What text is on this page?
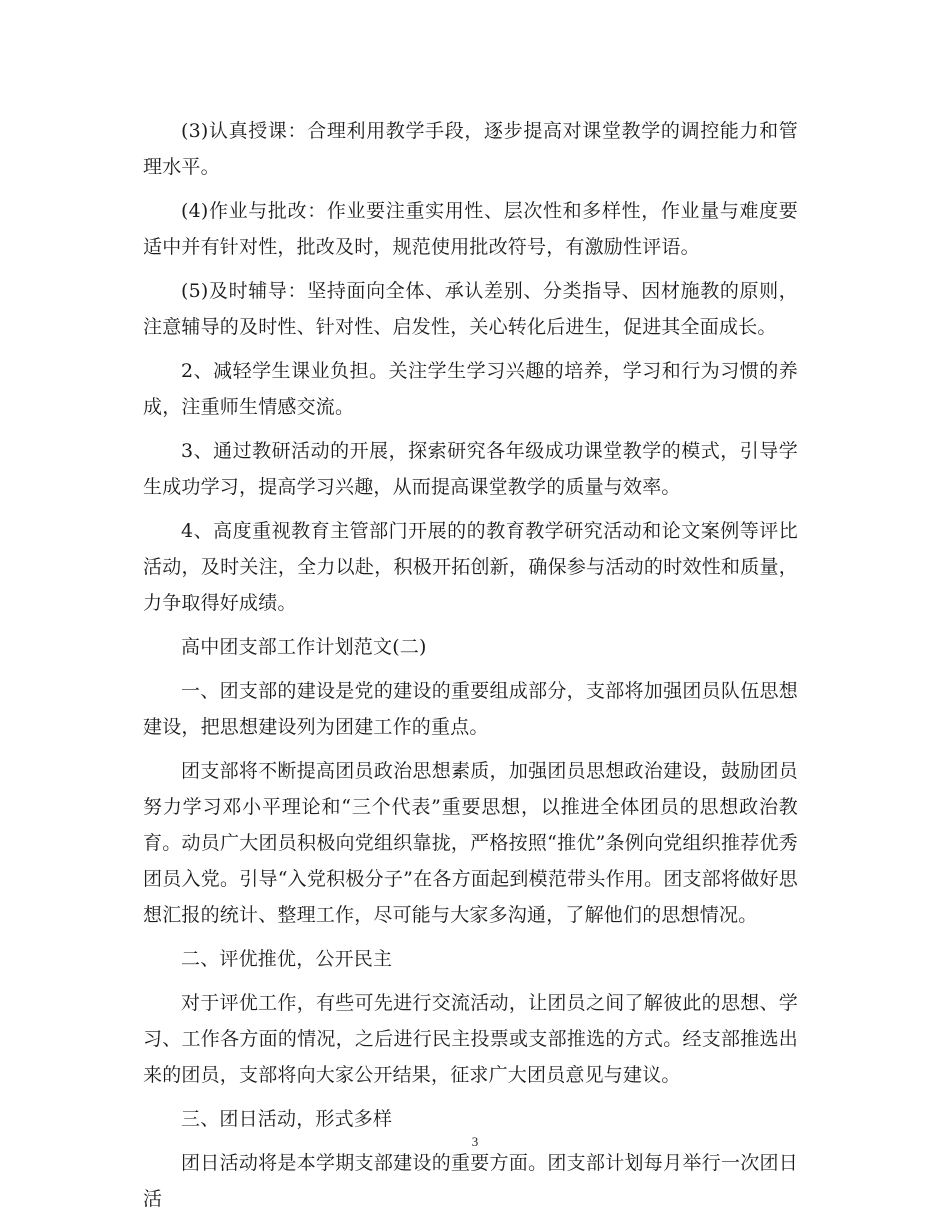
(3)认真授课：合理利用教学手段，逐步提高对课堂教学的调控能力和管理水平。

(4)作业与批改：作业要注重实用性、层次性和多样性，作业量与难度要适中并有针对性，批改及时，规范使用批改符号，有激励性评语。

(5)及时辅导：坚持面向全体、承认差别、分类指导、因材施教的原则，注意辅导的及时性、针对性、启发性，关心转化后进生，促进其全面成长。

2、减轻学生课业负担。关注学生学习兴趣的培养，学习和行为习惯的养成，注重师生情感交流。

3、通过教研活动的开展，探索研究各年级成功课堂教学的模式，引导学生成功学习，提高学习兴趣，从而提高课堂教学的质量与效率。

4、高度重视教育主管部门开展的的教育教学研究活动和论文案例等评比活动，及时关注，全力以赴，积极开拓创新，确保参与活动的时效性和质量，力争取得好成绩。

高中团支部工作计划范文(二)

一、团支部的建设是党的建设的重要组成部分，支部将加强团员队伍思想建设，把思想建设列为团建工作的重点。

团支部将不断提高团员政治思想素质，加强团员思想政治建设，鼓励团员努力学习邓小平理论和“三个代表”重要思想，以推进全体团员的思想政治教育。动员广大团员积极向党组织靠拢，严格按照“推优”条例向党组织推荐优秀团员入党。引导“入党积极分子”在各方面起到模范带头作用。团支部将做好思想汇报的统计、整理工作，尽可能与大家多沟通，了解他们的思想情况。

二、评优推优，公开民主

对于评优工作，有些可先进行交流活动，让团员之间了解彼此的思想、学习、工作各方面的情况，之后进行民主投票或支部推选的方式。经支部推选出来的团员，支部将向大家公开结果，征求广大团员意见与建议。

三、团日活动，形式多样

团日活动将是本学期支部建设的重要方面。团支部计划每月举行一次团日活

3
